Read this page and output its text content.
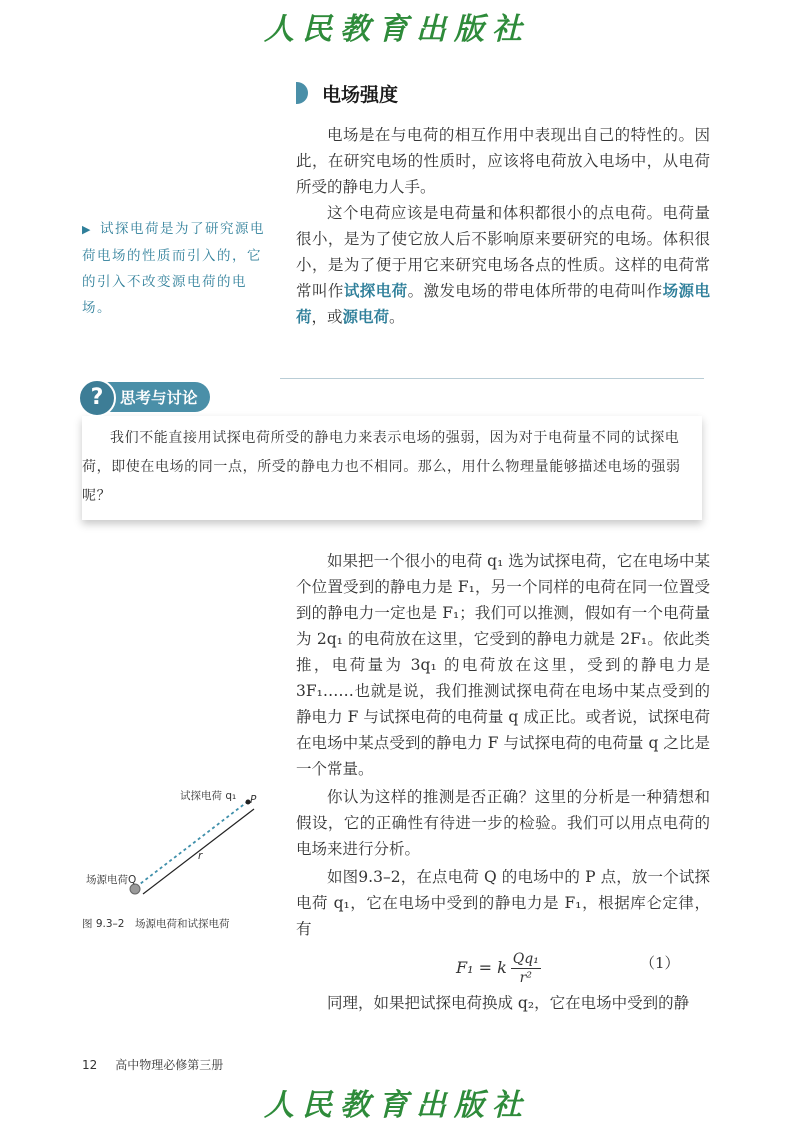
人民教育出版社
电场强度

电场是在与电荷的相互作用中表现出自己的特性的。因此，在研究电场的性质时，应该将电荷放入电场中，从电荷所受的静电力人手。

这个电荷应该是电荷量和体积都很小的点电荷。电荷量很小，是为了使它放人后不影响原来要研究的电场。体积很小，是为了便于用它来研究电场各点的性质。这样的电荷常常叫作试探电荷。激发电场的带电体所带的电荷叫作场源电荷，或源电荷。

▶ 试探电荷是为了研究源电荷电场的性质而引入的，它的引入不改变源电荷的电场。
?	思考与讨论

我们不能直接用试探电荷所受的静电力来表示电场的强弱，因为对于电荷量不同的试探电荷，即使在电场的同一点，所受的静电力也不相同。那么，用什么物理量能够描述电场的强弱呢？

如果把一个很小的电荷 q₁ 选为试探电荷，它在电场中某个位置受到的静电力是 F₁，另一个同样的电荷在同一位置受到的静电力一定也是 F₁；我们可以推测，假如有一个电荷量为 2q₁ 的电荷放在这里，它受到的静电力就是 2F₁。依此类推，电荷量为 3q₁ 的电荷放在这里，受到的静电力是 3F₁……也就是说，我们推测试探电荷在电场中某点受到的静电力 F 与试探电荷的电荷量 q 成正比。或者说，试探电荷在电场中某点受到的静电力 F 与试探电荷的电荷量 q 之比是一个常量。

你认为这样的推测是否正确？这里的分析是一种猜想和假设，它的正确性有待进一步的检验。我们可以用点电荷的电场来进行分析。

如图9.3–2，在点电荷 Q 的电场中的 P 点，放一个试探电荷 q₁，它在电场中受到的静电力是 F₁，根据库仑定律，有

F₁ = k $\frac{\text{Qq₁}}{\text{r²}}$	（1）

同理，如果把试探电荷换成 q₂，它在电场中受到的静

试探电荷 q₁ P
r
场源电荷Q
图 9.3–2　场源电荷和试探电荷
12 高中物理必修第三册
人民教育出版社
